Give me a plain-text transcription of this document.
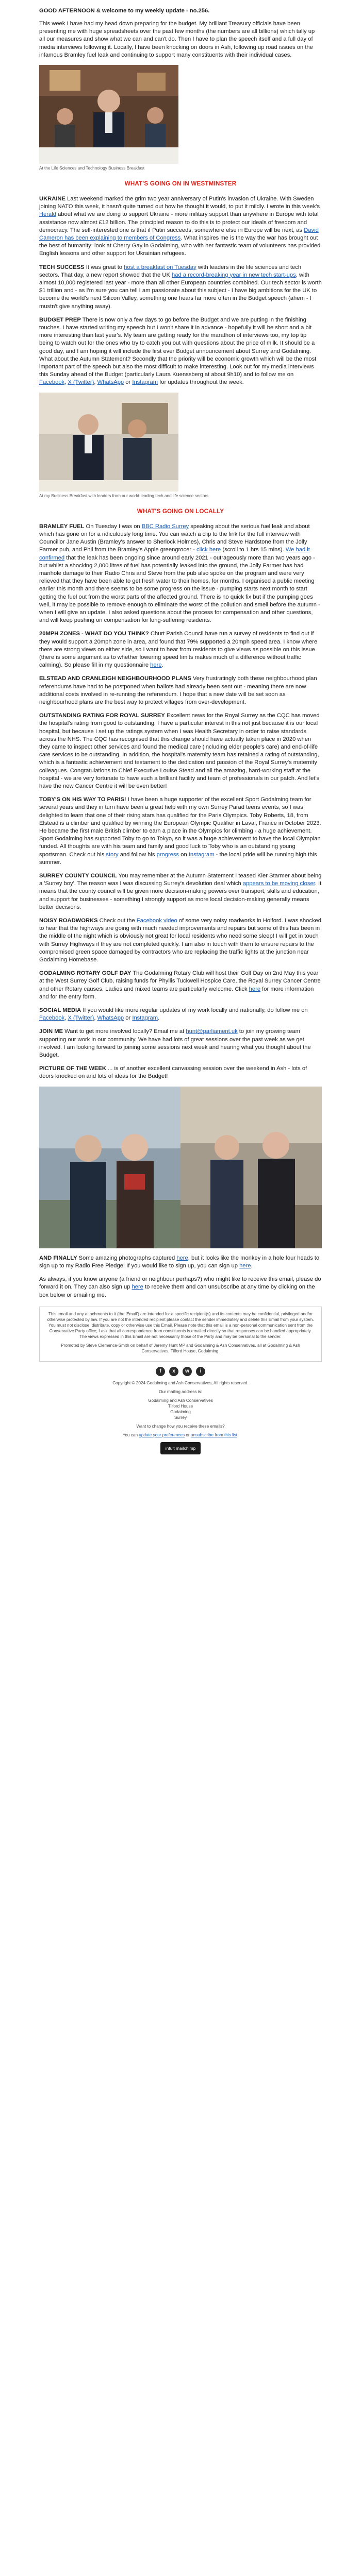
GOOD AFTERNOON & welcome to my weekly update - no.256.

This week I have had my head down preparing for the budget. My brilliant Treasury officials have been presenting me with huge spreadsheets over the past few months (the numbers are all billions) which tally up all our measures and show what we can and can't do. Then I have to plan the speech itself and a full day of media interviews following it. Locally, I have been knocking on doors in Ash, following up road issues on the infamous Bramley fuel leak and continuing to support many constituents with their individual cases.

At the Life Sciences and Technology Business Breakfast

WHAT'S GOING ON IN WESTMINSTER

UKRAINE Last weekend marked the grim two year anniversary of Putin's invasion of Ukraine. With Sweden joining NATO this week, it hasn't quite turned out how he thought it would, to put it mildly. I wrote in this week's Herald about what we are doing to support Ukraine - more military support than anywhere in Europe with total assistance now almost £12 billion. The principled reason to do this is to protect our ideals of freedom and democracy. The self-interested one is that if Putin succeeds, somewhere else in Europe will be next, as David Cameron has been explaining to members of Congress. What inspires me is the way the war has brought out the best of humanity: look at Cherry Gay in Godalming, who with her fantastic team of volunteers has provided English lessons and other support for Ukrainian refugees.

TECH SUCCESS It was great to host a breakfast on Tuesday with leaders in the life sciences and tech sectors. That day, a new report showed that the UK had a record-breaking year in new tech start-ups, with almost 10,000 registered last year - more than all other European countries combined. Our tech sector is worth $1 trillion and - as I'm sure you can tell I am passionate about this subject - I have big ambitions for the UK to become the world's next Silicon Valley, something one hears far more often in the Budget speech (ahem - I mustn't give anything away).

BUDGET PREP There is now only a few days to go before the Budget and we are putting in the finishing touches. I have started writing my speech but I won't share it in advance - hopefully it will be short and a bit more interesting than last year's. My team are getting ready for the marathon of interviews too, my top tip being to watch out for the ones who try to catch you out with questions about the price of milk. It should be a good day, and I am hoping it will include the first ever Budget announcement about Surrey and Godalming. What about the Autumn Statement? Secondly that the priority will be economic growth which will be the most important part of the speech but also the most difficult to make interesting. Look out for my media interviews this Sunday ahead of the Budget (particularly Laura Kuenssberg at about 9h10) and to follow me on Facebook, X (Twitter), WhatsApp or Instagram for updates throughout the week.

At my Business Breakfast with leaders from our world-leading tech and life science sectors

WHAT'S GOING ON LOCALLY

BRAMLEY FUEL On Tuesday I was on BBC Radio Surrey speaking about the serious fuel leak and about which has gone on for a ridiculously long time. You can watch a clip to the link for the full interview with Councillor Jane Austin (Bramley's answer to Sherlock Holmes), Chris and Steve Hardstone from the Jolly Farmer pub, and Phil from the Bramley's Apple greengrocer - click here (scroll to 1 hrs 15 mins). We had it confirmed that the leak has been ongoing since around early 2021 - outrageously more than two years ago - but whilst a shocking 2,000 litres of fuel has potentially leaked into the ground, the Jolly Farmer has had manhole damage to their Radio Chris and Steve from the pub also spoke on the program and were very relieved that they have been able to get fresh water to their homes, for months. I organised a public meeting earlier this month and there seems to be some progress on the issue - pumping starts next month to start getting the fuel out from the worst parts of the affected ground. There is no quick fix but if the pumping goes well, it may be possible to remove enough to eliminate the worst of the pollution and smell before the autumn - when I will give an update. I also asked questions about the process for compensation and other questions, and will keep pushing on compensation for long-suffering residents.

20MPH ZONES - WHAT DO YOU THINK? Churt Parish Council have run a survey of residents to find out if they would support a 20mph zone in area, and found that 79% supported a 20mph speed area. I know where there are strong views on either side, so I want to hear from residents to give views as possible on this issue (there is some argument as to whether lowering speed limits makes much of a difference without traffic calming). So please fill in my questionnaire here.

ELSTEAD AND CRANLEIGH NEIGHBOURHOOD PLANS Very frustratingly both these neighbourhood plan referendums have had to be postponed when ballots had already been sent out - meaning there are now additional costs involved in re-running the referendum. I hope that a new date will be set soon as neighbourhood plans are the best way to protect villages from over-development.

OUTSTANDING RATING FOR ROYAL SURREY Excellent news for the Royal Surrey as the CQC has moved the hospital's rating from good to outstanding. I have a particular interest in this not just because it is our local hospital, but because I set up the ratings system when I was Health Secretary in order to raise standards across the NHS. The CQC has recognised that this change should have actually taken place in 2020 when they came to inspect other services and found the medical care (including elder people's care) and end-of-life care services to be outstanding. In addition, the hospital's maternity team has retained a rating of outstanding, which is a fantastic achievement and testament to the dedication and passion of the Royal Surrey's maternity colleagues. Congratulations to Chief Executive Louise Stead and all the amazing, hard-working staff at the hospital - we are very fortunate to have such a brilliant facility and team of professionals in our patch. And let's have the new Cancer Centre it will be even better!

TOBY'S ON HIS WAY TO PARIS! I have been a huge supporter of the excellent Sport Godalming team for several years and they in turn have been a great help with my own Surrey Parad teens events, so I was delighted to learn that one of their rising stars has qualified for the Paris Olympics. Toby Roberts, 18, from Elstead is a climber and qualified by winning the European Olympic Qualifier in Laval, France in October 2023. He became the first male British climber to earn a place in the Olympics for climbing - a huge achievement. Sport Godalming has supported Toby to go to Tokyo, so it was a huge achievement to have the local Olympian funded. All thoughts are with his team and family and good luck to Toby who is an outstanding young sportsman. Check out his story and follow his progress on Instagram - the local pride will be running high this summer.

SURREY COUNTY COUNCIL You may remember at the Autumn Statement I teased Kier Starmer about being a 'Surrey boy'. The reason was I was discussing Surrey's devolution deal which appears to be moving closer. It means that the county council will be given more decision-making powers over transport, skills and education, and support for businesses - something I strongly support as more local decision-making generally means better decisions.

NOISY ROADWORKS Check out the Facebook video of some very noisy roadworks in Holford. I was shocked to hear that the highways are going with much needed improvements and repairs but some of this has been in the middle of the night which is obviously not great for local residents who need some sleep! I will get in touch with Surrey Highways if they are not completed quickly. I am also in touch with them to ensure repairs to the compromised green space damaged by contractors who are replacing the traffic lights at the junction near Godalming Homebase.

GODALMING ROTARY GOLF DAY The Godalming Rotary Club will host their Golf Day on 2nd May this year at the West Surrey Golf Club, raising funds for Phyllis Tuckwell Hospice Care, the Royal Surrey Cancer Centre and other Rotary causes. Ladies and mixed teams are particularly welcome. Click here for more information and for the entry form.

SOCIAL MEDIA If you would like more regular updates of my work locally and nationally, do follow me on Facebook, X (Twitter), WhatsApp or Instagram.

JOIN ME Want to get more involved locally? Email me at hunt@parliament.uk to join my growing team supporting our work in our community. We have had lots of great sessions over the past week as we get involved. I am looking forward to joining some sessions next week and hearing what you thought about the Budget.

PICTURE OF THE WEEK ... is of another excellent canvassing session over the weekend in Ash - lots of doors knocked on and lots of ideas for the Budget!

AND FINALLY Some amazing photographs captured here, but it looks like the monkey in a hole four heads to sign up to my Radio Free Pledge! If you would like to sign up, you can sign up here.

As always, if you know anyone (a friend or neighbour perhaps?) who might like to receive this email, please do forward it on. They can also sign up here to receive them and can unsubscribe at any time by clicking on the box below or emailing me.

This email and any attachments to it (the 'Email') are intended for a specific recipient(s) and its contents may be confidential, privileged and/or otherwise protected by law. If you are not the intended recipient please contact the sender immediately and delete this Email from your system. You must not disclose, distribute, copy or otherwise use this Email. Please note that this email is a non-personal communication sent from the Conservative Party office; I ask that all correspondence from constituents is emailed directly so that responses can be handled appropriately. The views expressed in this Email are not necessarily those of the Party and may be personal to the sender.

Promoted by Steve Clemence-Smith on behalf of Jeremy Hunt MP and Godalming & Ash Conservatives, all at Godalming & Ash Conservatives, Tilford House, Godalming.

f	x	w	i
Copyright © 2024 Godalming and Ash Conservatives, All rights reserved.
Our mailing address is:
Godalming and Ash Conservatives
Tilford House
Godalming
Surrey
Want to change how you receive these emails?
You can update your preferences or unsubscribe from this list.
intuit mailchimp
